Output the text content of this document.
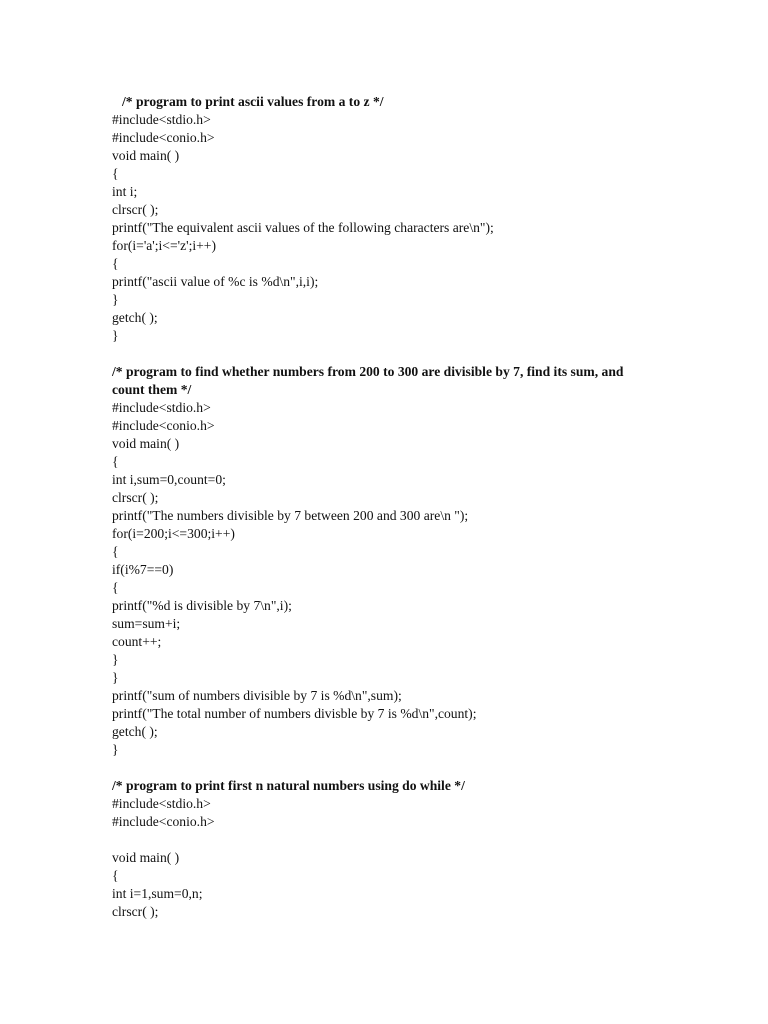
/* program to print ascii values from a to z */
#include<stdio.h>
#include<conio.h>
void main( )
{
int i;
clrscr( );
printf("The equivalent ascii values of the following characters are\n");
for(i='a';i<='z';i++)
{
printf("ascii value of %c is %d\n",i,i);
}
getch( );
}
/* program to find whether numbers from 200 to 300 are divisible by 7, find its sum, and count them */
#include<stdio.h>
#include<conio.h>
void main( )
{
int i,sum=0,count=0;
clrscr( );
printf("The numbers divisible by 7 between 200 and 300 are\n ");
for(i=200;i<=300;i++)
{
if(i%7==0)
{
printf("%d is divisible by 7\n",i);
sum=sum+i;
count++;
}
}
printf("sum of numbers divisible by 7 is %d\n",sum);
printf("The total number of numbers divisble by 7 is %d\n",count);
getch( );
}
/* program to print first n natural numbers using do while */
#include<stdio.h>
#include<conio.h>
void main( )
{
int i=1,sum=0,n;
clrscr( );
